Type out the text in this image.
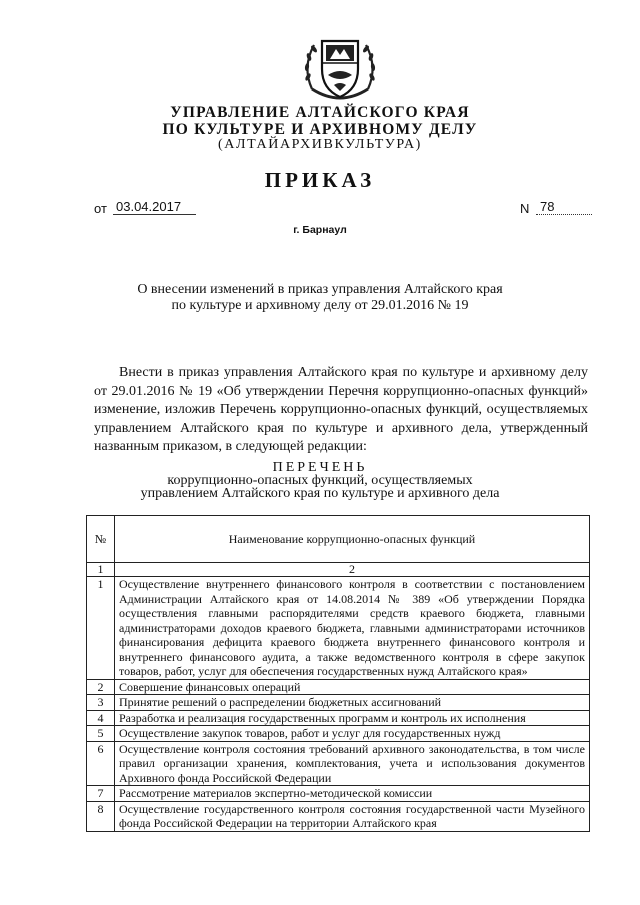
УПРАВЛЕНИЕ АЛТАЙСКОГО КРАЯ
ПО КУЛЬТУРЕ И АРХИВНОМУ ДЕЛУ
(АЛТАЙАРХИВКУЛЬТУРА)
ПРИКАЗ
от 03.04.2017	N 78
г. Барнаул
О внесении изменений в приказ управления Алтайского края
по культуре и архивному делу от 29.01.2016 № 19

Внести в приказ управления Алтайского края по культуре и архивному делу от 29.01.2016 № 19 «Об утверждении Перечня коррупционно-опасных функций» изменение, изложив Перечень коррупционно-опасных функций, осуществляемых управлением Алтайского края по культуре и архивного дела, утвержденный названным приказом, в следующей редакции:

ПЕРЕЧЕНЬ
коррупционно-опасных функций, осуществляемых
управлением Алтайского края по культуре и архивного дела
№	Наименование коррупционно-опасных функций
1	2
1	Осуществление внутреннего финансового контроля в соответствии с постановлением Администрации Алтайского края от 14.08.2014 № 389 «Об утверждении Порядка осуществления главными распорядителями средств краевого бюджета, главными администраторами доходов краевого бюджета, главными администраторами источников финансирования дефицита краевого бюджета внутреннего финансового контроля и внутреннего финансового аудита, а также ведомственного контроля в сфере закупок товаров, работ, услуг для обеспечения государственных нужд Алтайского края»
2	Совершение финансовых операций
3	Принятие решений о распределении бюджетных ассигнований
4	Разработка и реализация государственных программ и контроль их исполнения
5	Осуществление закупок товаров, работ и услуг для государственных нужд
6	Осуществление контроля состояния требований архивного законодательства, в том числе правил организации хранения, комплектования, учета и использования документов Архивного фонда Российской Федерации
7	Рассмотрение материалов экспертно-методической комиссии
8	Осуществление государственного контроля состояния государственной части Музейного фонда Российской Федерации на территории Алтайского края
